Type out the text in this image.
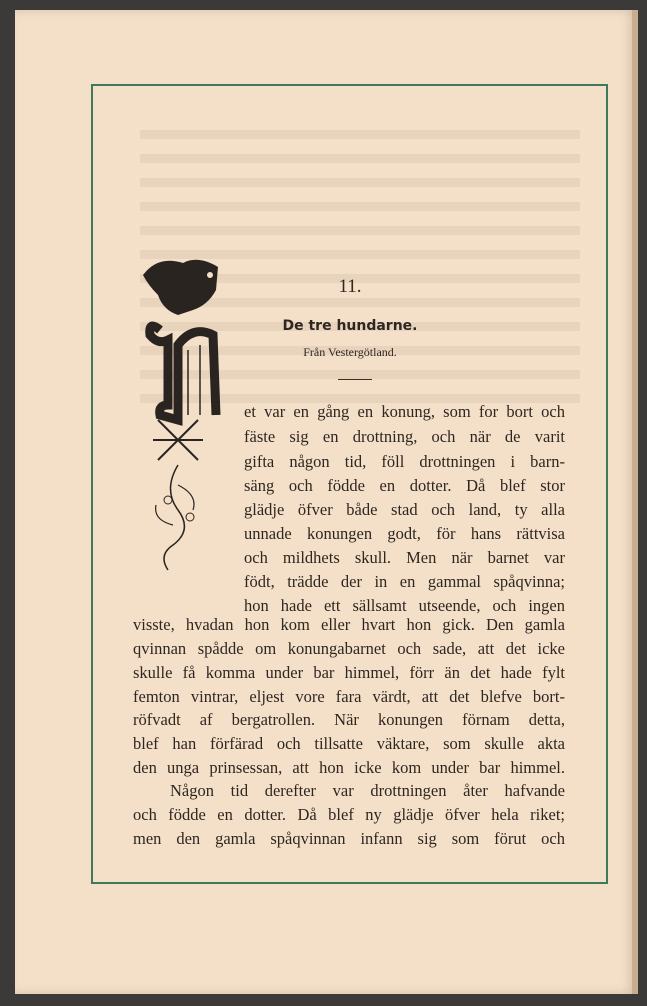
11.
De tre hundarne.
Från Vestergötland.
et var en gång en konung, som for bort och
fäste sig en drottning, och när de varit
gifta någon tid, föll drottningen i barn-
säng och födde en dotter. Då blef stor
glädje öfver både stad och land, ty alla
unnade konungen godt, för hans rättvisa
och mildhets skull. Men när barnet var
födt, trädde der in en gammal spåqvinna;
hon hade ett sällsamt utseende, och ingen
visste, hvadan hon kom eller hvart hon gick. Den gamla
qvinnan spådde om konungabarnet och sade, att det icke
skulle få komma under bar himmel, förr än det hade fylt
femton vintrar, eljest vore fara värdt, att det blefve bort-
röfvadt af bergatrollen. När konungen förnam detta,
blef han förfärad och tillsatte väktare, som skulle akta
den unga prinsessan, att hon icke kom under bar himmel.
Någon tid derefter var drottningen åter hafvande
och födde en dotter. Då blef ny glädje öfver hela riket;
men den gamla spåqvinnan infann sig som förut och
